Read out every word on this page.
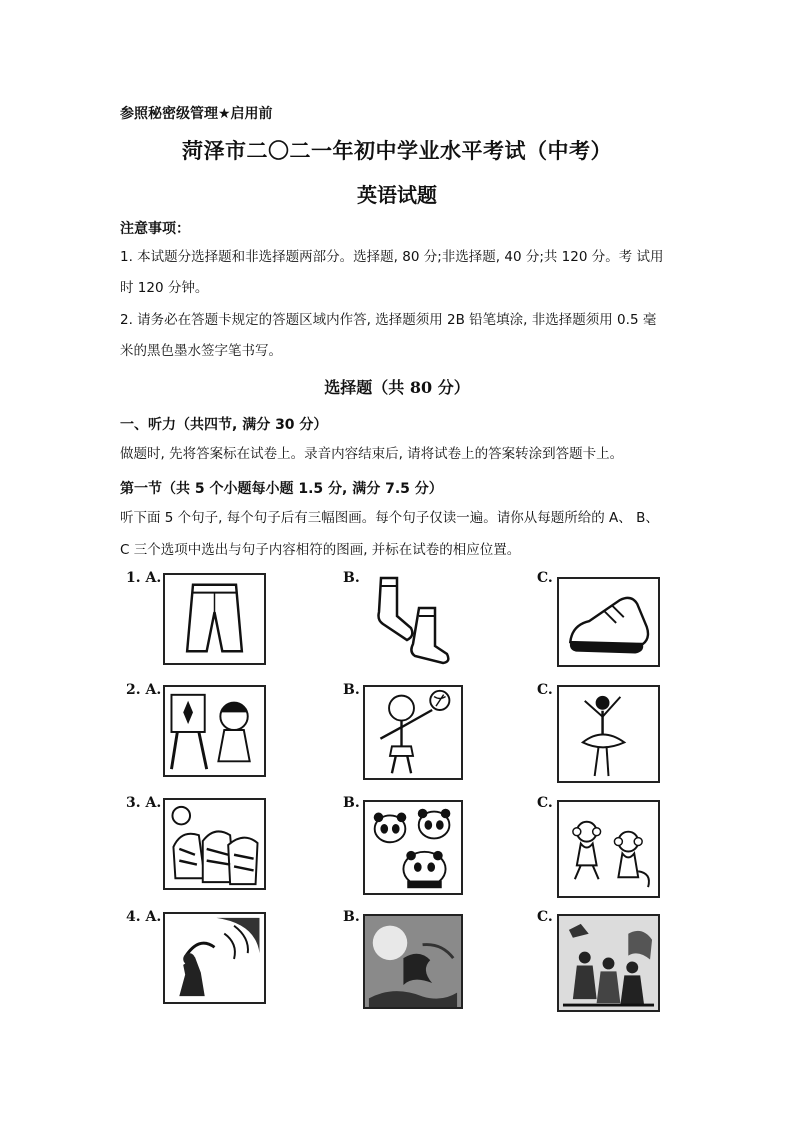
参照秘密级管理★启用前
菏泽市二〇二一年初中学业水平考试（中考）
英语试题
注意事项：
1. 本试题分选择题和非选择题两部分。选择题, 80 分;非选择题, 40 分;共 120 分。考 试用
时 120 分钟。
2. 请务必在答题卡规定的答题区域内作答, 选择题须用 2B 铅笔填涂, 非选择题须用 0.5 毫
米的黑色墨水签字笔书写。
选择题（共 80 分）
一、听力（共四节, 满分 30 分）
做题时, 先将答案标在试卷上。录音内容结束后, 请将试卷上的答案转涂到答题卡上。
第一节（共 5 个小题每小题 1.5 分, 满分 7.5 分）
听下面 5 个句子, 每个句子后有三幅图画。每个句子仅读一遍。请你从每题所给的 A、 B、
C 三个选项中选出与句子内容相符的图画, 并标在试卷的相应位置。
1. A.	B.	C.
2. A.	B.	C.
3. A.	B.	C.
4. A.	B.	C.
